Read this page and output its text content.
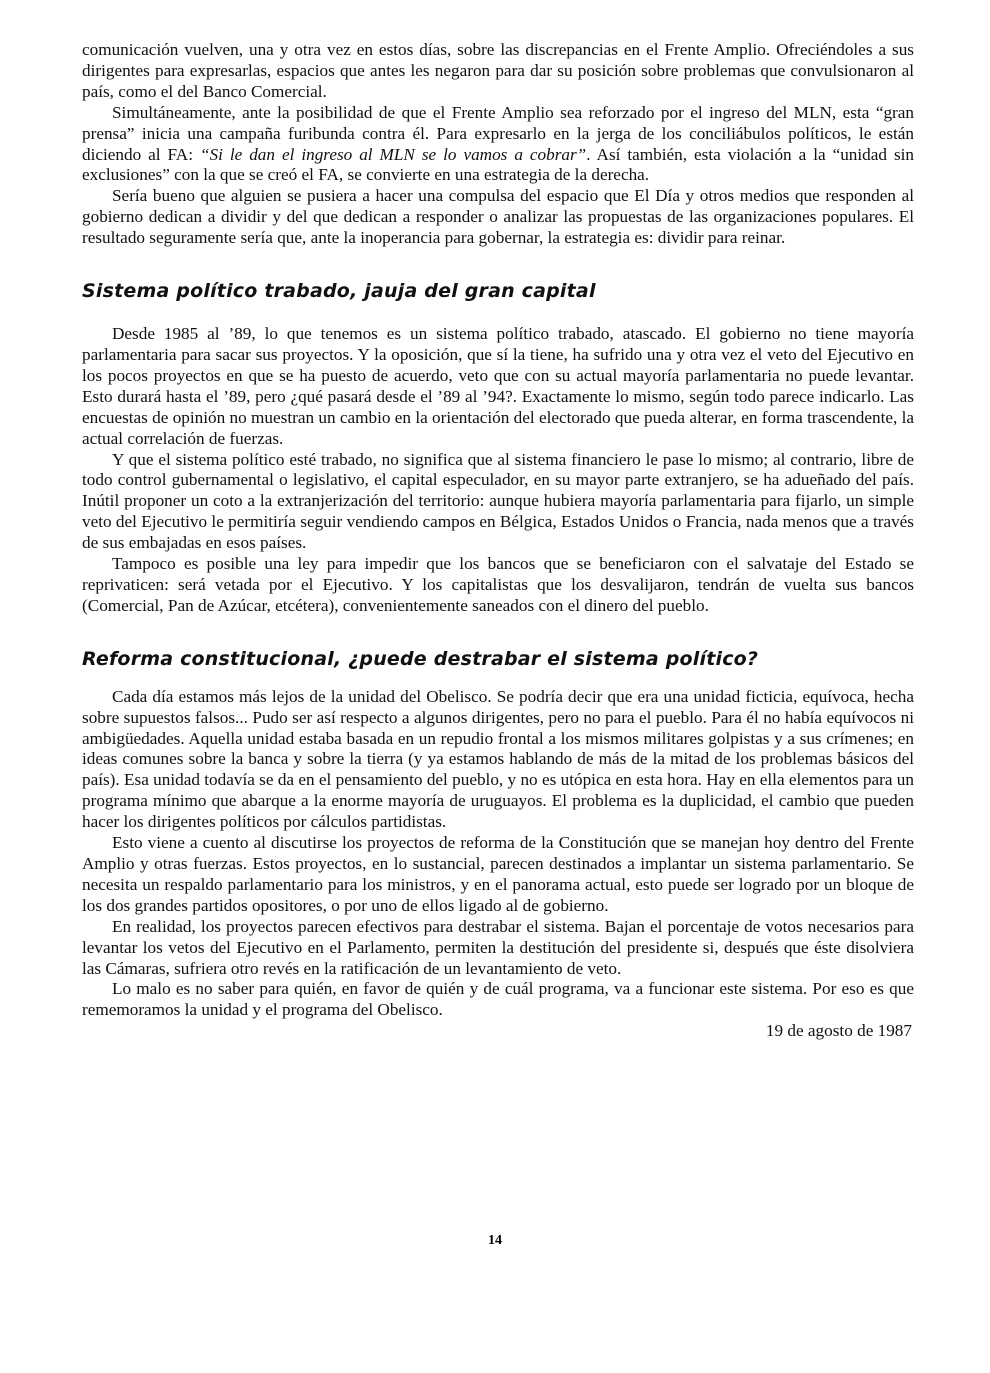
comunicación vuelven, una y otra vez en estos días, sobre las discrepancias en el Frente Amplio. Ofreciéndoles a sus dirigentes para expresarlas, espacios que antes les negaron para dar su posición sobre problemas que convulsionaron al país, como el del Banco Comercial.

Simultáneamente, ante la posibilidad de que el Frente Amplio sea reforzado por el ingreso del MLN, esta “gran prensa” inicia una campaña furibunda contra él. Para expresarlo en la jerga de los conciliábulos políticos, le están diciendo al FA: “Si le dan el ingreso al MLN se lo vamos a cobrar”. Así también, esta violación a la “unidad sin exclusiones” con la que se creó el FA, se convierte en una estrategia de la derecha.

Sería bueno que alguien se pusiera a hacer una compulsa del espacio que El Día y otros medios que responden al gobierno dedican a dividir y del que dedican a responder o analizar las propuestas de las organizaciones populares. El resultado seguramente sería que, ante la inoperancia para gobernar, la estrategia es: dividir para reinar.

Sistema político trabado, jauja del gran capital

Desde 1985 al ’89, lo que tenemos es un sistema político trabado, atascado. El gobierno no tiene mayoría parlamentaria para sacar sus proyectos. Y la oposición, que sí la tiene, ha sufrido una y otra vez el veto del Ejecutivo en los pocos proyectos en que se ha puesto de acuerdo, veto que con su actual mayoría parlamentaria no puede levantar. Esto durará hasta el ’89, pero ¿qué pasará desde el ’89 al ’94?. Exactamente lo mismo, según todo parece indicarlo. Las encuestas de opinión no muestran un cambio en la orientación del electorado que pueda alterar, en forma trascendente, la actual correlación de fuerzas.

Y que el sistema político esté trabado, no significa que al sistema financiero le pase lo mismo; al contrario, libre de todo control gubernamental o legislativo, el capital especulador, en su mayor parte extranjero, se ha adueñado del país. Inútil proponer un coto a la extranjerización del territorio: aunque hubiera mayoría parlamentaria para fijarlo, un simple veto del Ejecutivo le permitiría seguir vendiendo campos en Bélgica, Estados Unidos o Francia, nada menos que a través de sus embajadas en esos países.

Tampoco es posible una ley para impedir que los bancos que se beneficiaron con el salvataje del Estado se reprivaticen: será vetada por el Ejecutivo. Y los capitalistas que los desvalijaron, tendrán de vuelta sus bancos (Comercial, Pan de Azúcar, etcétera), convenientemente saneados con el dinero del pueblo.

Reforma constitucional, ¿puede destrabar el sistema político?

Cada día estamos más lejos de la unidad del Obelisco. Se podría decir que era una unidad ficticia, equívoca, hecha sobre supuestos falsos... Pudo ser así respecto a algunos dirigentes, pero no para el pueblo. Para él no había equívocos ni ambigüedades. Aquella unidad estaba basada en un repudio frontal a los mismos militares golpistas y a sus crímenes; en ideas comunes sobre la banca y sobre la tierra (y ya estamos hablando de más de la mitad de los problemas básicos del país). Esa unidad todavía se da en el pensamiento del pueblo, y no es utópica en esta hora. Hay en ella elementos para un programa mínimo que abarque a la enorme mayoría de uruguayos. El problema es la duplicidad, el cambio que pueden hacer los dirigentes políticos por cálculos partidistas.

Esto viene a cuento al discutirse los proyectos de reforma de la Constitución que se manejan hoy dentro del Frente Amplio y otras fuerzas. Estos proyectos, en lo sustancial, parecen destinados a implantar un sistema parlamentario. Se necesita un respaldo parlamentario para los ministros, y en el panorama actual, esto puede ser logrado por un bloque de los dos grandes partidos opositores, o por uno de ellos ligado al de gobierno.

En realidad, los proyectos parecen efectivos para destrabar el sistema. Bajan el porcentaje de votos necesarios para levantar los vetos del Ejecutivo en el Parlamento, permiten la destitución del presidente si, después que éste disolviera las Cámaras, sufriera otro revés en la ratificación de un levantamiento de veto.

Lo malo es no saber para quién, en favor de quién y de cuál programa, va a funcionar este sistema. Por eso es que rememoramos la unidad y el programa del Obelisco.

19 de agosto de 1987

14
